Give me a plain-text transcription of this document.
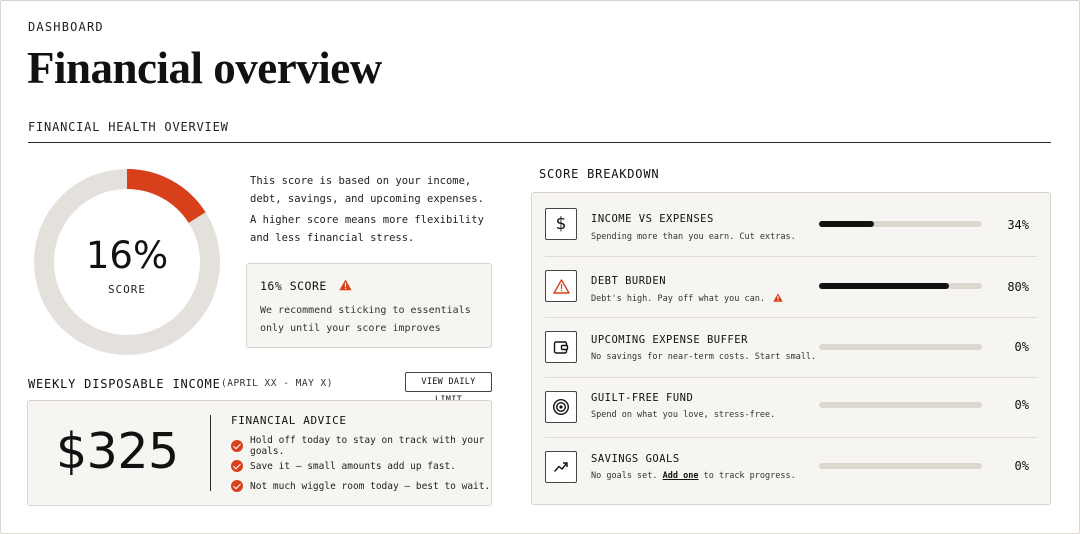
DASHBOARD
Financial overview
FINANCIAL HEALTH OVERVIEW
16%
SCORE

This score is based on your income, debt, savings, and upcoming expenses.

A higher score means more flexibility and less financial stress.

16% SCORE
We recommend sticking to essentials only until your score improves
WEEKLY DISPOSABLE INCOME (APRIL XX - MAY X)	VIEW DAILY
$325
FINANCIAL ADVICE
Hold off today to stay on track with your goals.
Save it — small amounts add up fast.
Not much wiggle room today — best to wait.
SCORE BREAKDOWN
$ INCOME VS EXPENSES
Spending more than you earn. Cut extras.
34%
DEBT BURDEN
Debt's high. Pay off what you can.
80%
UPCOMING EXPENSE BUFFER
No savings for near-term costs. Start small.
0%
GUILT-FREE FUND
Spend on what you love, stress-free.
0%
SAVINGS GOALS
No goals set. Add one to track progress.
0%
